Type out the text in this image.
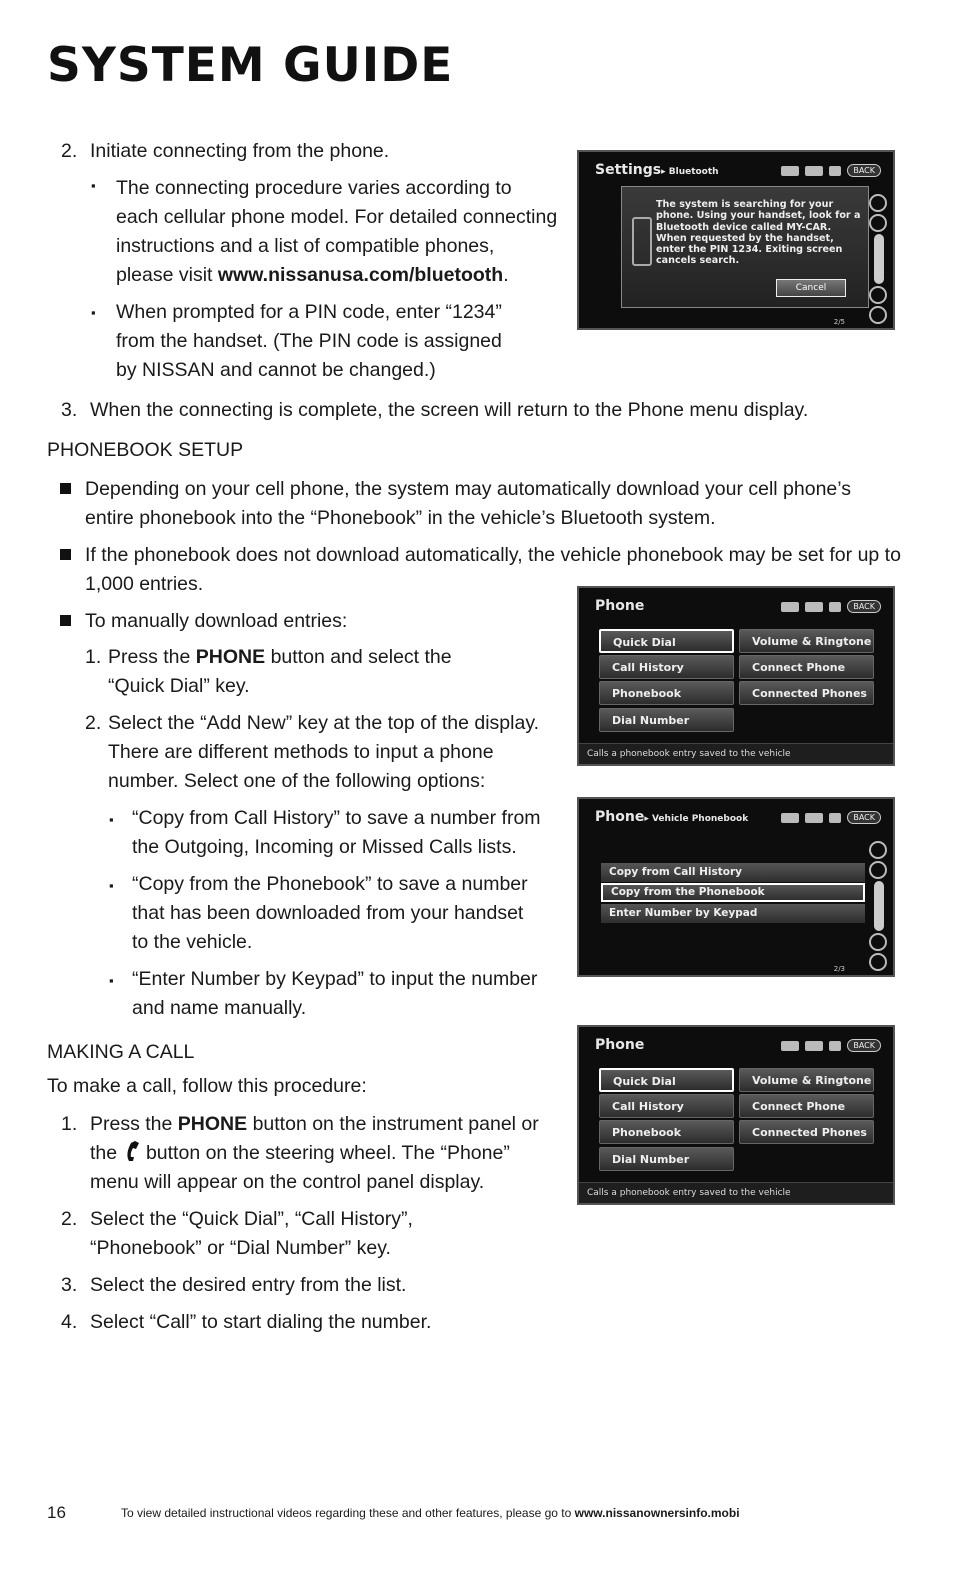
SYSTEM GUIDE
2. Initiate connecting from the phone.

▪ The connecting procedure varies according to

each cellular phone model. For detailed connecting

instructions and a list of compatible phones,

please visit www.nissanusa.com/bluetooth.

▪ When prompted for a PIN code, enter “1234”

from the handset. (The PIN code is assigned

by NISSAN and cannot be changed.)

3. When the connecting is complete, the screen will return to the Phone menu display.

PHONEBOOK SETUP

Depending on your cell phone, the system may automatically download your cell phone’s

entire phonebook into the “Phonebook” in the vehicle’s Bluetooth system.

If the phonebook does not download automatically, the vehicle phonebook may be set for up to

1,000 entries.

To manually download entries:

1. Press the PHONE button and select the

“Quick Dial” key.

2. Select the “Add New” key at the top of the display.

There are different methods to input a phone

number. Select one of the following options:

▪ “Copy from Call History” to save a number from

the Outgoing, Incoming or Missed Calls lists.

▪ “Copy from the Phonebook” to save a number

that has been downloaded from your handset

to the vehicle.

▪ “Enter Number by Keypad” to input the number

and name manually.

MAKING A CALL

To make a call, follow this procedure:

1. Press the PHONE button on the instrument panel or

the  button on the steering wheel. The “Phone”

menu will appear on the control panel display.

2. Select the “Quick Dial”, “Call History”,

“Phonebook” or “Dial Number” key.

3. Select the desired entry from the list.

4. Select “Call” to start dialing the number.

Settings▸ Bluetooth	BACK
The system is searching for your phone. Using your handset, look for a Bluetooth device called MY-CAR. When requested by the handset, enter the PIN 1234. Exiting screen cancels search.
Cancel
2/5
Phone	BACK
Quick Dial
Call History
Phonebook
Dial Number
Volume & Ringtone
Connect Phone
Connected Phones
Calls a phonebook entry saved to the vehicle
Phone▸ Vehicle Phonebook	BACK
Copy from Call History
Copy from the Phonebook
Enter Number by Keypad
2/3
Phone	BACK
Quick Dial
Call History
Phonebook
Dial Number
Volume & Ringtone
Connect Phone
Connected Phones
Calls a phonebook entry saved to the vehicle
16	To view detailed instructional videos regarding these and other features, please go to www.nissanownersinfo.mobi
